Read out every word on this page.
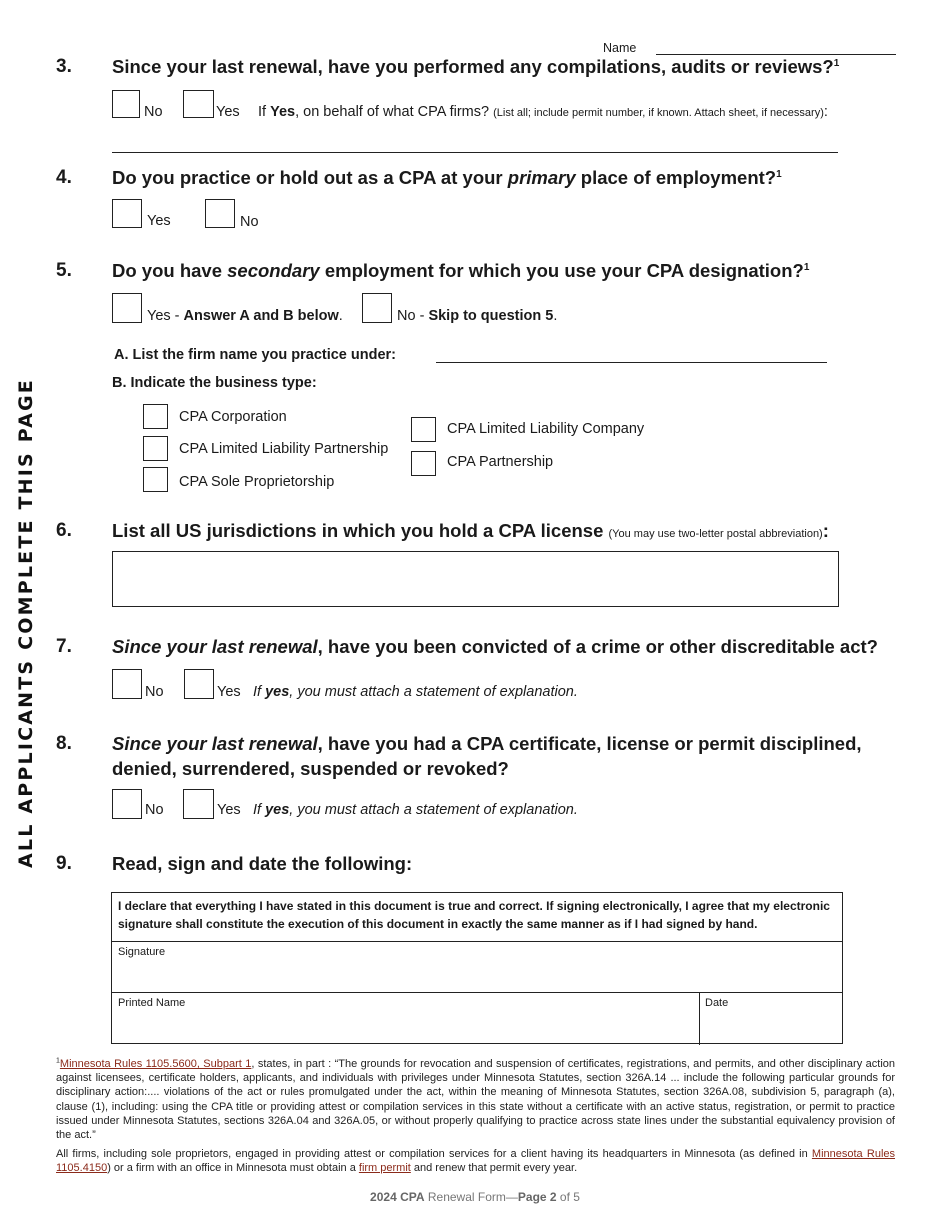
ALL APPLICANTS COMPLETE THIS PAGE
Name
3. Since your last renewal, have you performed any compilations, audits or reviews?$^1$
No	Yes If Yes, on behalf of what CPA firms? (List all; include permit number, if known. Attach sheet, if necessary):
4. Do you practice or hold out as a CPA at your primary place of employment?$^1$
Yes	No
5. Do you have secondary employment for which you use your CPA designation?$^1$
Yes - Answer A and B below.	No - Skip to question 5.
A. List the firm name you practice under:
B. Indicate the business type:
CPA Corporation
CPA Limited Liability Partnership
CPA Sole Proprietorship
CPA Limited Liability Company
CPA Partnership
6. List all US jurisdictions in which you hold a CPA license (You may use two-letter postal abbreviation):
7. Since your last renewal, have you been convicted of a crime or other discreditable act?
No	Yes If yes, you must attach a statement of explanation.
8. Since your last renewal, have you had a CPA certificate, license or permit disciplined,
denied, surrendered, suspended or revoked?
No	Yes If yes, you must attach a statement of explanation.
9. Read, sign and date the following:
I declare that everything I have stated in this document is true and correct. If signing electronically, I agree that my electronic signature shall constitute the execution of this document in exactly the same manner as if I had signed by hand.
Signature
Printed Name	Date
$^1$Minnesota Rules 1105.5600, Subpart 1, states, in part : “The grounds for revocation and suspension of certificates, registrations, and permits, and other disciplinary action against licensees, certificate holders, applicants, and individuals with privileges under Minnesota Statutes, section 326A.14 ... include the following particular grounds for disciplinary action:.... violations of the act or rules promulgated under the act, within the meaning of Minnesota Statutes, section 326A.08, subdivision 5, paragraph (a), clause (1), including: using the CPA title or providing attest or compilation services in this state without a certificate with an active status, registration, or permit to practice issued under Minnesota Statutes, sections 326A.04 and 326A.05, or without properly qualifying to practice across state lines under the substantial equivalency provision of the act.”
All firms, including sole proprietors, engaged in providing attest or compilation services for a client having its headquarters in Minnesota (as defined in Minnesota Rules 1105.4150) or a firm with an office in Minnesota must obtain a firm permit and renew that permit every year.
2024 CPA Renewal Form—Page 2 of 5
